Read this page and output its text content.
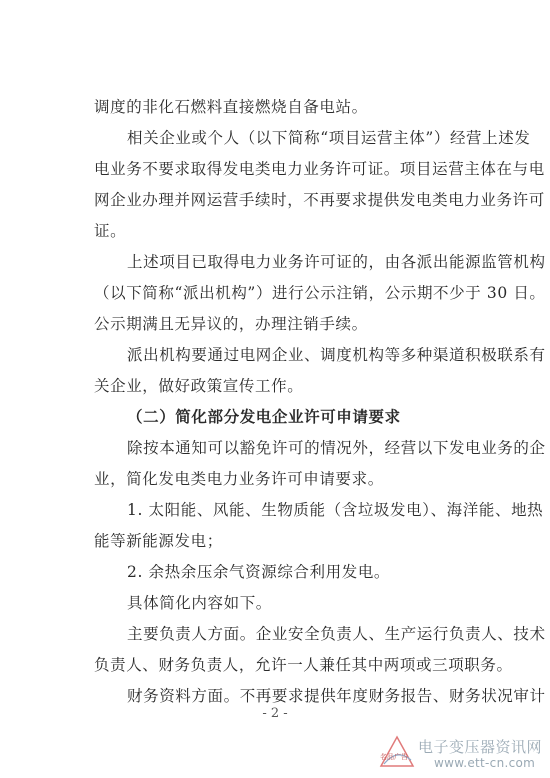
调度的非化石燃料直接燃烧自备电站。
相关企业或个人（以下简称“项目运营主体”）经营上述发
电业务不要求取得发电类电力业务许可证。项目运营主体在与电
网企业办理并网运营手续时，不再要求提供发电类电力业务许可
证。
上述项目已取得电力业务许可证的，由各派出能源监管机构
（以下简称“派出机构”）进行公示注销，公示期不少于 30 日。
公示期满且无异议的，办理注销手续。
派出机构要通过电网企业、调度机构等多种渠道积极联系有
关企业，做好政策宣传工作。
（二）简化部分发电企业许可申请要求
除按本通知可以豁免许可的情况外，经营以下发电业务的企
业，简化发电类电力业务许可申请要求。
1. 太阳能、风能、生物质能（含垃圾发电）、海洋能、地热
能等新能源发电；
2. 余热余压余气资源综合利用发电。
具体简化内容如下。
主要负责人方面。企业安全负责人、生产运行负责人、技术
- 2 -
名品广告
电子变压器资讯网
www.ett-cn.com
负责人、财务负责人，允许一人兼任其中两项或三项职务。
财务资料方面。不再要求提供年度财务报告、财务状况审计
